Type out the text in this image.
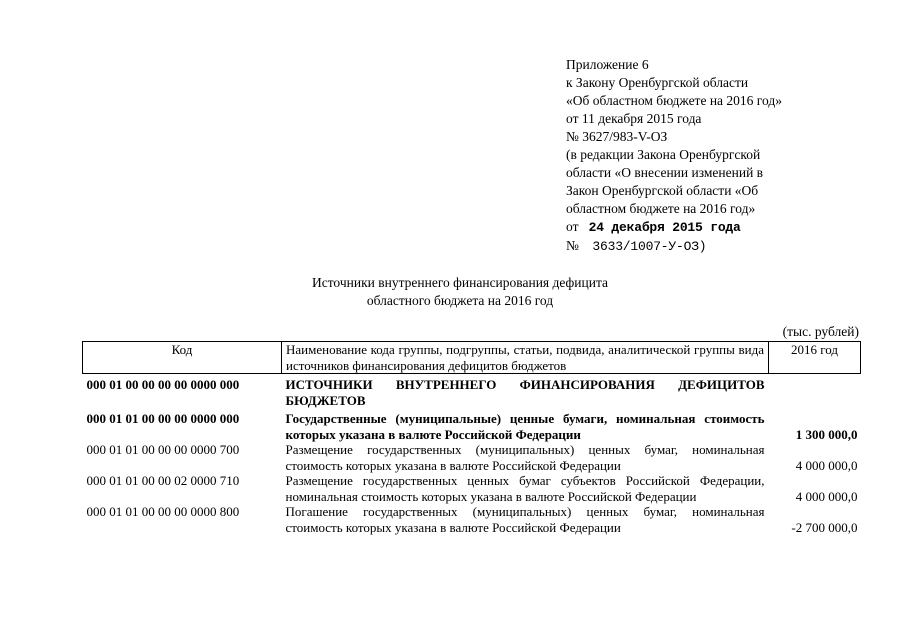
Приложение 6
к Закону Оренбургской области
«Об областном бюджете на 2016 год»
от 11 декабря 2015 года
№ 3627/983-V-ОЗ
(в редакции Закона Оренбургской
области «О внесении изменений в
Закон Оренбургской области «Об
областном бюджете на 2016 год»
от 24 декабря 2015 года
№ 3633/1007-У-ОЗ)
Источники внутреннего финансирования дефицита
областного бюджета на 2016 год
(тыс. рублей)
Код	Наименование кода группы, подгруппы, статьи, подвида, аналитической группы вида источников финансирования дефицитов бюджетов	2016 год
000 01 00 00 00 00 0000 000	ИСТОЧНИКИ ВНУТРЕННЕГО ФИНАНСИРОВАНИЯ ДЕФИЦИТОВ БЮДЖЕТОВ	
000 01 01 00 00 00 0000 000	Государственные (муниципальные) ценные бумаги, номинальная стоимость которых указана в валюте Российской Федерации	1 300 000,0
000 01 01 00 00 00 0000 700	Размещение государственных (муниципальных) ценных бумаг, номинальная стоимость которых указана в валюте Российской Федерации	4 000 000,0
000 01 01 00 00 02 0000 710	Размещение государственных ценных бумаг субъектов Российской Федерации, номинальная стоимость которых указана в валюте Российской Федерации	4 000 000,0
000 01 01 00 00 00 0000 800	Погашение государственных (муниципальных) ценных бумаг, номинальная стоимость которых указана в валюте Российской Федерации	-2 700 000,0
